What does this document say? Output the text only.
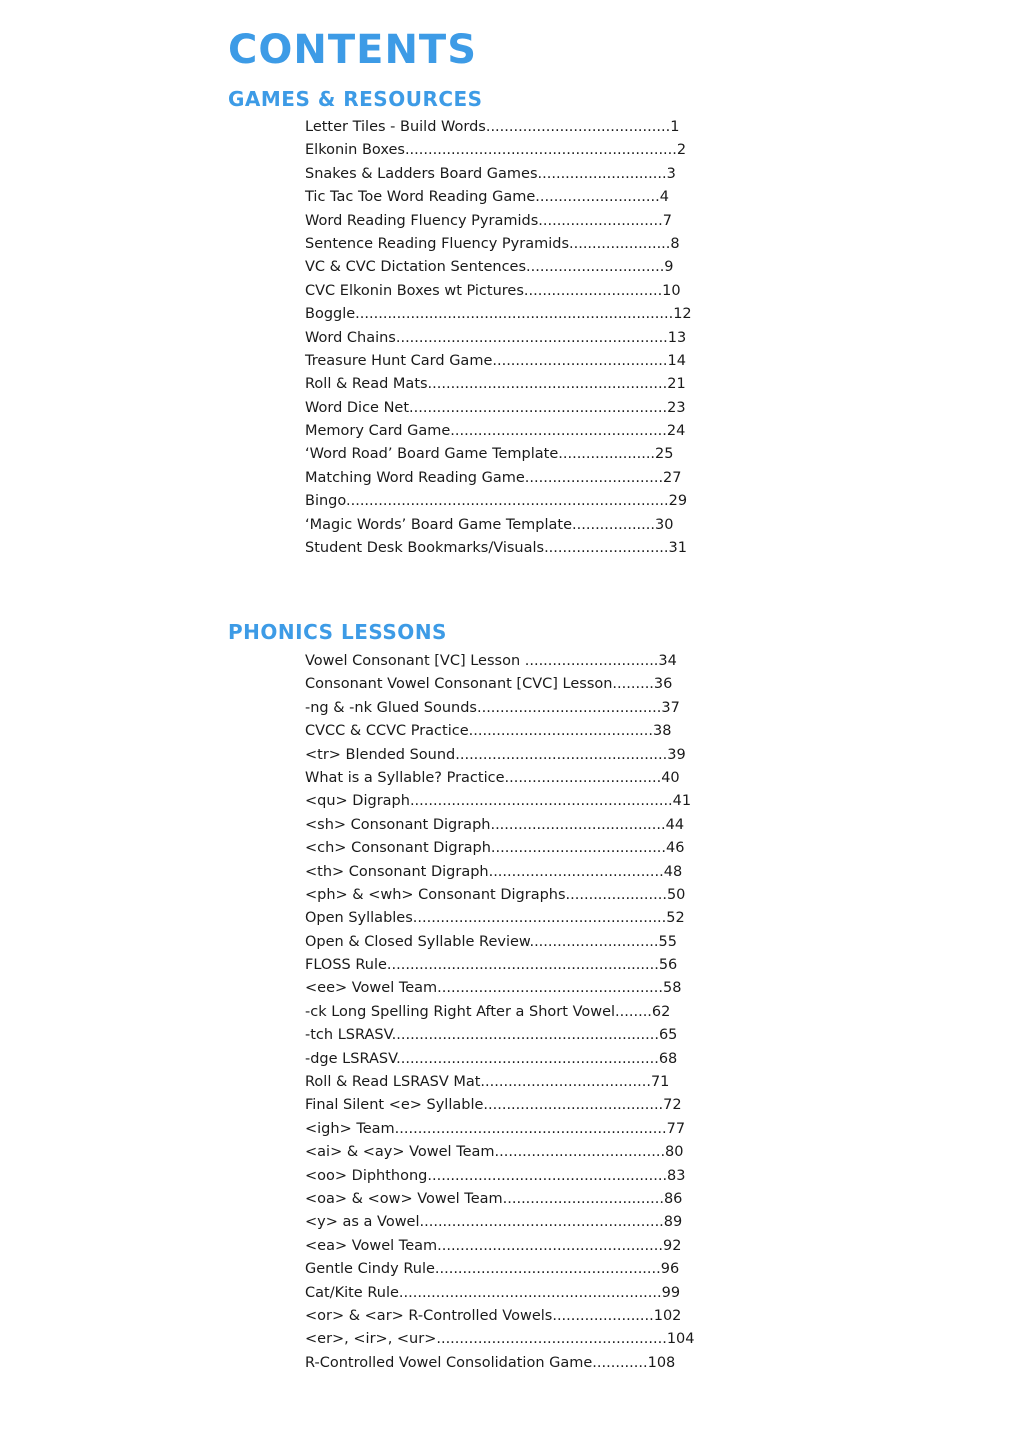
CONTENTS
GAMES & RESOURCES
Letter Tiles - Build Words........................................1
Elkonin Boxes...........................................................2
Snakes & Ladders Board Games............................3
Tic Tac Toe Word Reading Game...........................4
Word Reading Fluency Pyramids...........................7
Sentence Reading Fluency Pyramids......................8
VC & CVC Dictation Sentences..............................9
CVC Elkonin Boxes wt Pictures..............................10
Boggle.....................................................................12
Word Chains...........................................................13
Treasure Hunt Card Game......................................14
Roll & Read Mats....................................................21
Word Dice Net........................................................23
Memory Card Game...............................................24
‘Word Road’ Board Game Template.....................25
Matching Word Reading Game..............................27
Bingo......................................................................29
‘Magic Words’ Board Game Template..................30
Student Desk Bookmarks/Visuals...........................31
PHONICS LESSONS
Vowel Consonant [VC] Lesson .............................34
Consonant Vowel Consonant [CVC] Lesson.........36
-ng & -nk Glued Sounds........................................37
CVCC & CCVC Practice........................................38
<tr> Blended Sound..............................................39
What is a Syllable? Practice..................................40
<qu> Digraph.........................................................41
<sh> Consonant Digraph......................................44
<ch> Consonant Digraph......................................46
<th> Consonant Digraph......................................48
<ph> & <wh> Consonant Digraphs......................50
Open Syllables.......................................................52
Open & Closed Syllable Review............................55
FLOSS Rule...........................................................56
<ee> Vowel Team.................................................58
-ck Long Spelling Right After a Short Vowel........62
-tch LSRASV..........................................................65
-dge LSRASV.........................................................68
Roll & Read LSRASV Mat.....................................71
Final Silent <e> Syllable.......................................72
<igh> Team...........................................................77
<ai> & <ay> Vowel Team.....................................80
<oo> Diphthong....................................................83
<oa> & <ow> Vowel Team...................................86
<y> as a Vowel.....................................................89
<ea> Vowel Team.................................................92
Gentle Cindy Rule.................................................96
Cat/Kite Rule.........................................................99
<or> & <ar> R-Controlled Vowels......................102
<er>, <ir>, <ur>..................................................104
R-Controlled Vowel Consolidation Game............108
